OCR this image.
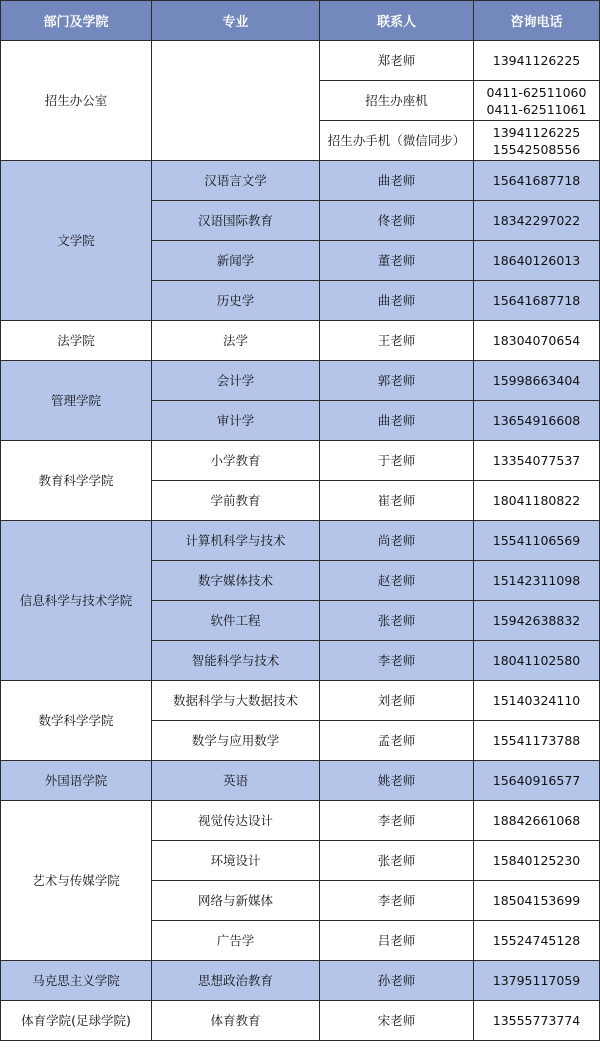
部门及学院	专业	联系人	咨询电话
招生办公室		郑老师	13941126225

		招生办座机	0411-62511060
0411-62511061

		招生办手机（微信同步）	13941126225
15542508556

文学院	汉语言文学	曲老师	15641687718

	汉语国际教育	佟老师	18342297022

	新闻学	董老师	18640126013

	历史学	曲老师	15641687718

法学院	法学	王老师	18304070654

管理学院	会计学	郭老师	15998663404

	审计学	曲老师	13654916608

教育科学学院	小学教育	于老师	13354077537

	学前教育	崔老师	18041180822

信息科学与技术学院	计算机科学与技术	尚老师	15541106569

	数字媒体技术	赵老师	15142311098

	软件工程	张老师	15942638832

	智能科学与技术	李老师	18041102580

数学科学学院	数据科学与大数据技术	刘老师	15140324110

	数学与应用数学	孟老师	15541173788

外国语学院	英语	姚老师	15640916577

艺术与传媒学院	视觉传达设计	李老师	18842661068

	环境设计	张老师	15840125230

	网络与新媒体	李老师	18504153699

	广告学	吕老师	15524745128

马克思主义学院	思想政治教育	孙老师	13795117059

体育学院(足球学院)	体育教育	宋老师	13555773774
